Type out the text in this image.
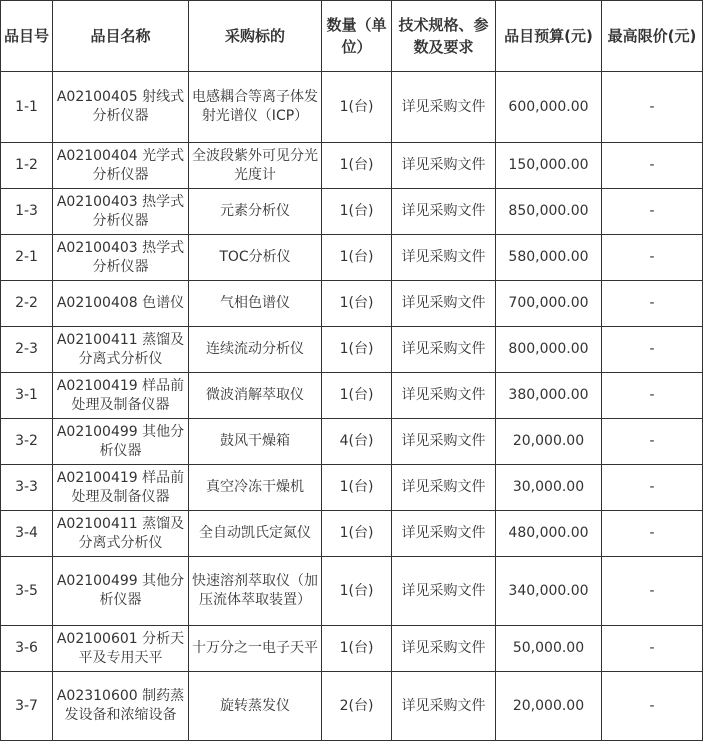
品目号	品目名称	采购标的	数量（单位）	技术规格、参数及要求	品目预算(元)	最高限价(元)
1-1	A02100405 射线式分析仪器	电感耦合等离子体发射光谱仪（ICP）	1(台)	详见采购文件	600,000.00	-
1-2	A02100404 光学式分析仪器	全波段紫外可见分光光度计	1(台)	详见采购文件	150,000.00	-
1-3	A02100403 热学式分析仪器	元素分析仪	1(台)	详见采购文件	850,000.00	-
2-1	A02100403 热学式分析仪器	TOC分析仪	1(台)	详见采购文件	580,000.00	-
2-2	A02100408 色谱仪	气相色谱仪	1(台)	详见采购文件	700,000.00	-
2-3	A02100411 蒸馏及分离式分析仪	连续流动分析仪	1(台)	详见采购文件	800,000.00	-
3-1	A02100419 样品前处理及制备仪器	微波消解萃取仪	1(台)	详见采购文件	380,000.00	-
3-2	A02100499 其他分析仪器	鼓风干燥箱	4(台)	详见采购文件	20,000.00	-
3-3	A02100419 样品前处理及制备仪器	真空冷冻干燥机	1(台)	详见采购文件	30,000.00	-
3-4	A02100411 蒸馏及分离式分析仪	全自动凯氏定氮仪	1(台)	详见采购文件	480,000.00	-
3-5	A02100499 其他分析仪器	快速溶剂萃取仪（加压流体萃取装置）	1(台)	详见采购文件	340,000.00	-
3-6	A02100601 分析天平及专用天平	十万分之一电子天平	1(台)	详见采购文件	50,000.00	-
3-7	A02310600 制药蒸发设备和浓缩设备	旋转蒸发仪	2(台)	详见采购文件	20,000.00	-
